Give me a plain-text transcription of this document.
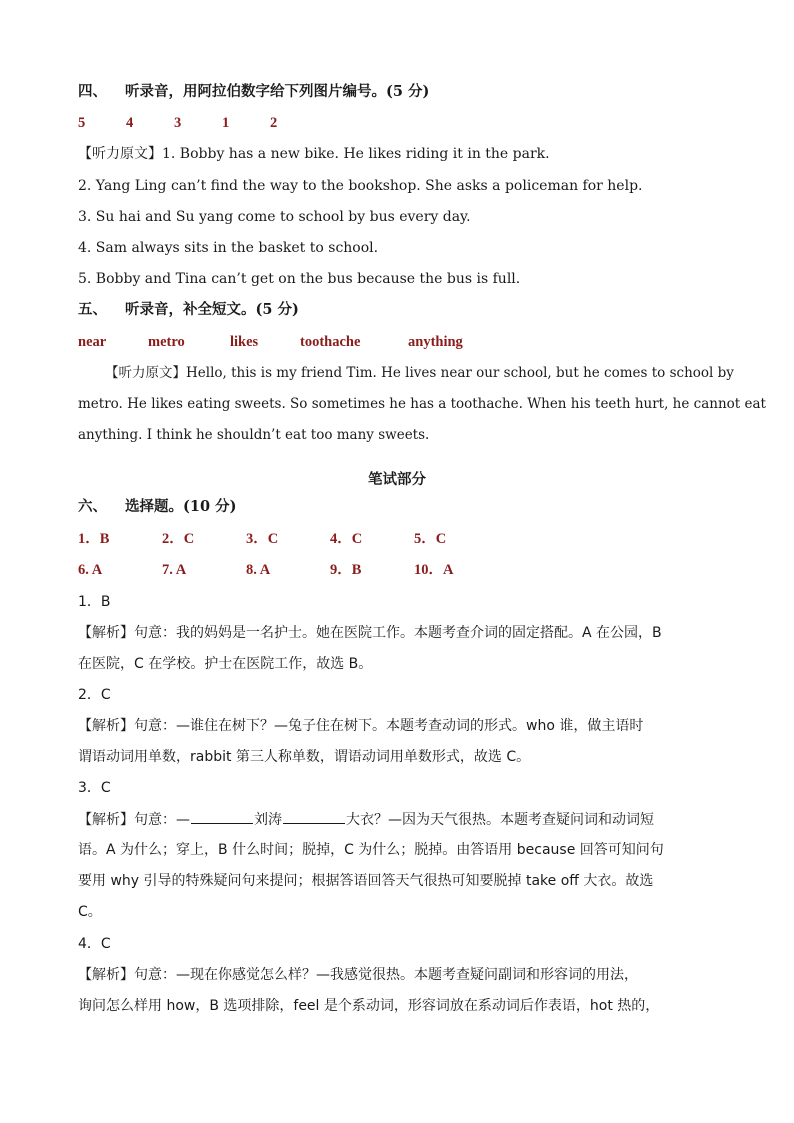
四、 听录音，用阿拉伯数字给下列图片编号。(5 分)
5	4	3	1	2
【听力原文】1. Bobby has a new bike. He likes riding it in the park.
2. Yang Ling can’t find the way to the bookshop. She asks a policeman for help.
3. Su hai and Su yang come to school by bus every day.
4. Sam always sits in the basket to school.
5. Bobby and Tina can’t get on the bus because the bus is full.
五、 听录音，补全短文。(5 分)
near	metro	likes	toothache	anything
【听力原文】Hello, this is my friend Tim. He lives near our school, but he comes to school by
metro. He likes eating sweets. So sometimes he has a toothache. When his teeth hurt, he cannot eat
anything. I think he shouldn’t eat too many sweets.
笔试部分
六、 选择题。(10 分)
1．B	2．C	3．C	4．C	5．C
6. A	7. A	8. A	9．B	10．A
1．B
【解析】句意：我的妈妈是一名护士。她在医院工作。本题考查介词的固定搭配。A 在公园，B
在医院，C 在学校。护士在医院工作，故选 B。
2．C
【解析】句意：—谁住在树下？—兔子住在树下。本题考查动词的形式。who 谁，做主语时
谓语动词用单数，rabbit 第三人称单数，谓语动词用单数形式，故选 C。
3．C
【解析】句意：—	刘涛	大衣？—因为天气很热。本题考查疑问词和动词短
语。A 为什么；穿上，B 什么时间；脱掉，C 为什么；脱掉。由答语用 because 回答可知问句
要用 why 引导的特殊疑问句来提问；根据答语回答天气很热可知要脱掉 take off 大衣。故选
C。
4．C
【解析】句意：—现在你感觉怎么样？—我感觉很热。本题考查疑问副词和形容词的用法，
询问怎么样用 how，B 选项排除，feel 是个系动词，形容词放在系动词后作表语，hot 热的，
